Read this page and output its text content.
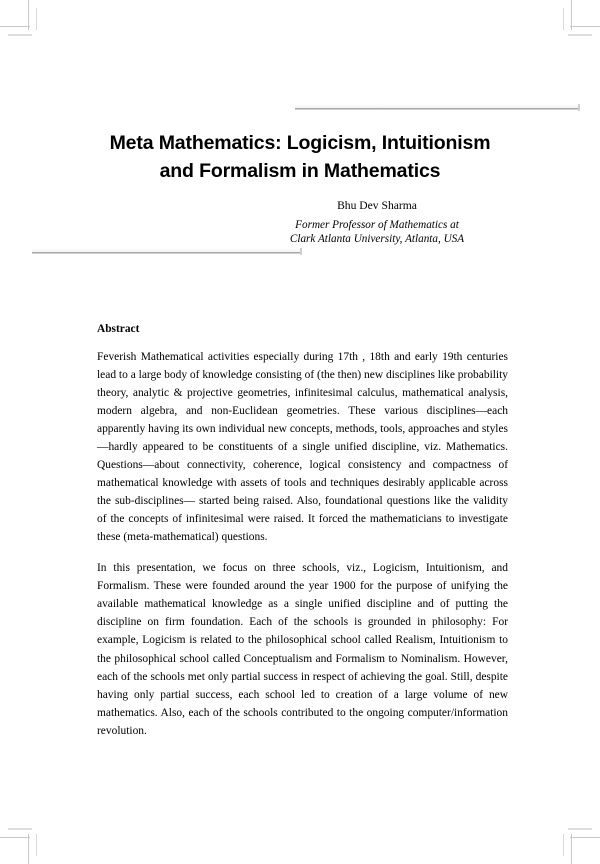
Meta Mathematics: Logicism, Intuitionism
and Formalism in Mathematics
Bhu Dev Sharma
Former Professor of Mathematics at
Clark Atlanta University, Atlanta, USA
Abstract

Feverish Mathematical activities especially during 17th , 18th and early 19th centuries lead to a large body of knowledge consisting of (the then) new disciplines like probability theory, analytic & projective geometries, infinitesimal calculus, mathematical analysis, modern algebra, and non-Euclidean geometries. These various disciplines—each apparently having its own individual new concepts, methods, tools, approaches and styles—hardly appeared to be constituents of a single unified discipline, viz. Mathematics. Questions—about connectivity, coherence, logical consistency and compactness of mathematical knowledge with assets of tools and techniques desirably applicable across the sub-disciplines— started being raised. Also, foundational questions like the validity of the concepts of infinitesimal were raised. It forced the mathematicians to investigate these (meta-mathematical) questions.

In this presentation, we focus on three schools, viz., Logicism, Intuitionism, and Formalism. These were founded around the year 1900 for the purpose of unifying the available mathematical knowledge as a single unified discipline and of putting the discipline on firm foundation. Each of the schools is grounded in philosophy: For example, Logicism is related to the philosophical school called Realism, Intuitionism to the philosophical school called Conceptualism and Formalism to Nominalism. However, each of the schools met only partial success in respect of achieving the goal. Still, despite having only partial success, each school led to creation of a large volume of new mathematics. Also, each of the schools contributed to the ongoing computer/information revolution.
